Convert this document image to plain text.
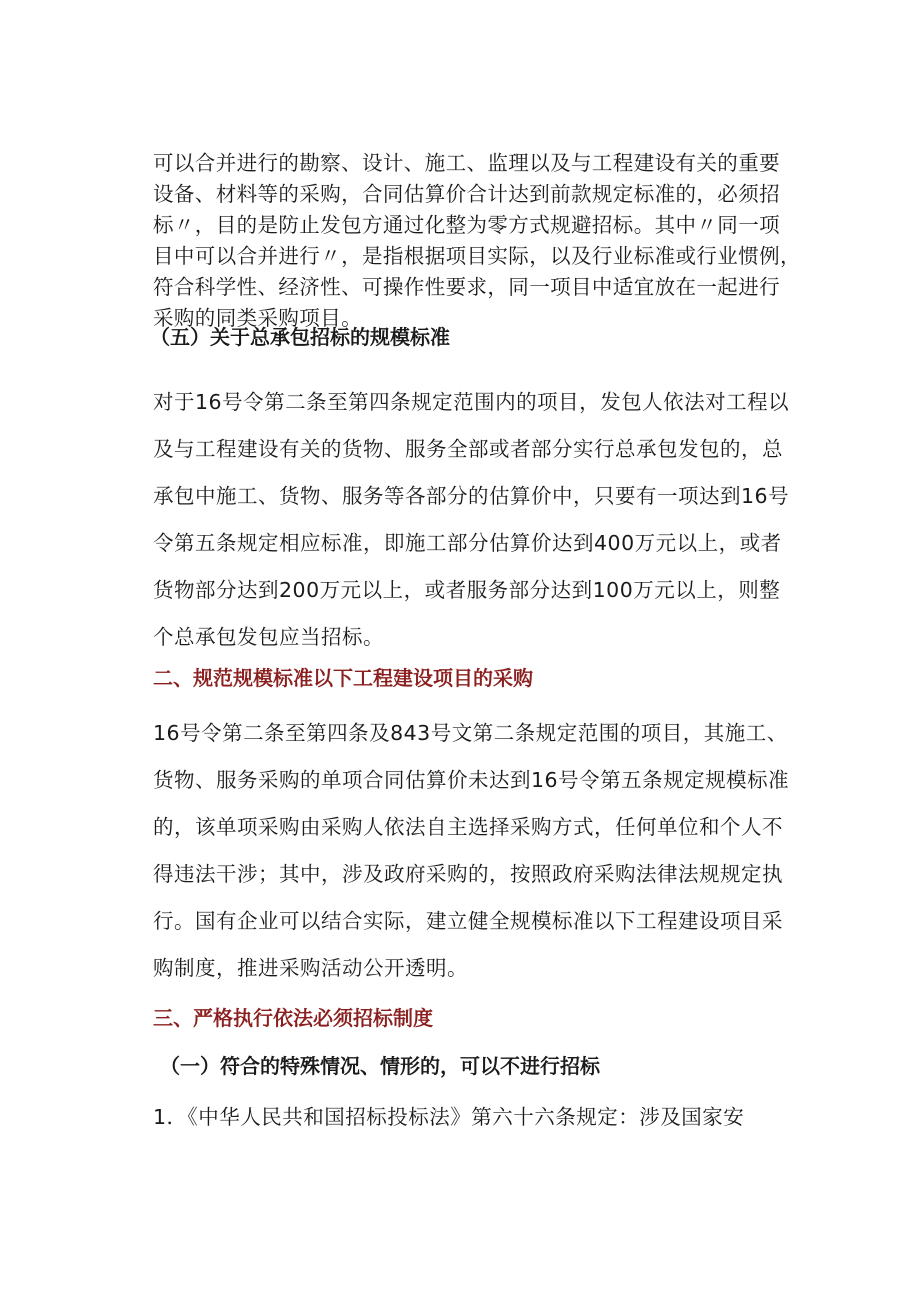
可以合并进行的勘察、设计、施工、监理以及与工程建设有关的重要

设备、材料等的采购，合同估算价合计达到前款规定标准的，必须招

标〃，目的是防止发包方通过化整为零方式规避招标。其中〃同一项

目中可以合并进行〃，是指根据项目实际，以及行业标准或行业惯例，

符合科学性、经济性、可操作性要求，同一项目中适宜放在一起进行

采购的同类采购项目。

（五）关于总承包招标的规模标准

对于16号令第二条至第四条规定范围内的项目，发包人依法对工程以

及与工程建设有关的货物、服务全部或者部分实行总承包发包的，总

承包中施工、货物、服务等各部分的估算价中，只要有一项达到16号

令第五条规定相应标准，即施工部分估算价达到400万元以上，或者

货物部分达到200万元以上，或者服务部分达到100万元以上，则整

个总承包发包应当招标。

二、规范规模标准以下工程建设项目的采购

16号令第二条至第四条及843号文第二条规定范围的项目，其施工、

货物、服务采购的单项合同估算价未达到16号令第五条规定规模标准

的，该单项采购由采购人依法自主选择采购方式，任何单位和个人不

得违法干涉；其中，涉及政府采购的，按照政府采购法律法规规定执

行。国有企业可以结合实际，建立健全规模标准以下工程建设项目采

购制度，推进采购活动公开透明。

三、严格执行依法必须招标制度
（一）符合的特殊情况、情形的，可以不进行招标

1．《中华人民共和国招标投标法》第六十六条规定：涉及国家安
